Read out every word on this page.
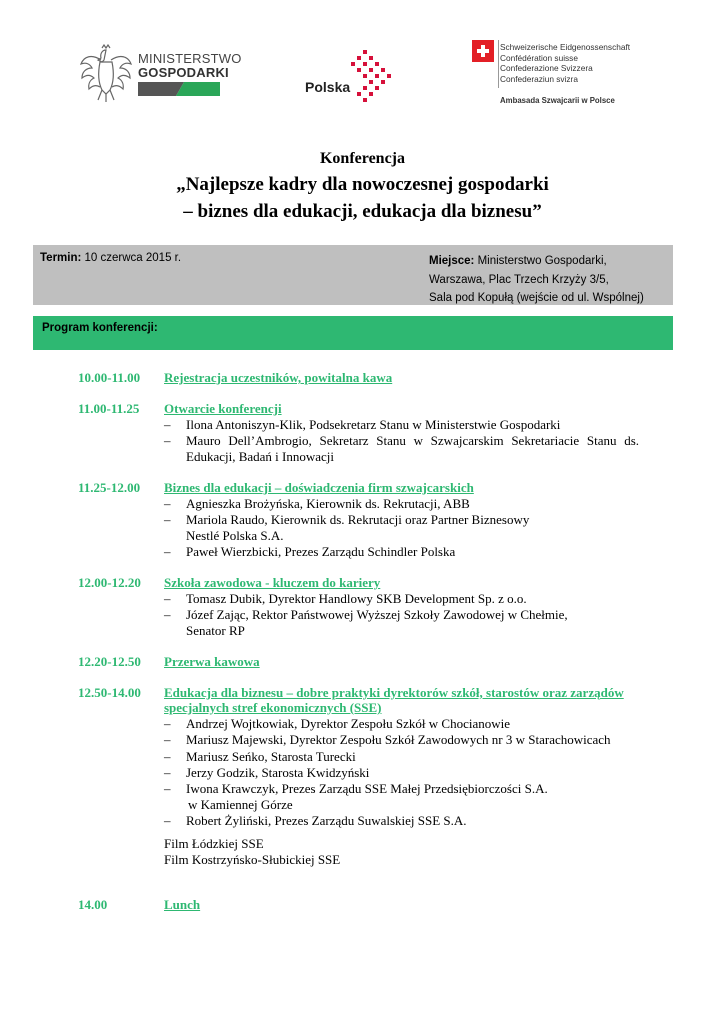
MINISTERSTWO
GOSPODARKI
Polska
Schweizerische Eidgenossenschaft
Confédération suisse
Confederazione Svizzera
Confederaziun svizra
Ambasada Szwajcarii w Polsce
Konferencja
„Najlepsze kadry dla nowoczesnej gospodarki
– biznes dla edukacji, edukacja dla biznesu”
Termin: 10 czerwca 2015 r.	Miejsce: Ministerstwo Gospodarki,
Warszawa, Plac Trzech Krzyży 3/5,
Sala pod Kopułą (wejście od ul. Wspólnej)
Program konferencji:
10.00-11.00 Rejestracja uczestników, powitalna kawa
11.00-11.25 Otwarcie konferencji
– Ilona Antoniszyn-Klik, Podsekretarz Stanu w Ministerstwie Gospodarki
– Mauro Dell’Ambrogio, Sekretarz Stanu w Szwajcarskim Sekretariacie Stanu ds. Edukacji, Badań i Innowacji
11.25-12.00 Biznes dla edukacji – doświadczenia firm szwajcarskich
– Agnieszka Brożyńska, Kierownik ds. Rekrutacji, ABB
– Mariola Raudo, Kierownik ds. Rekrutacji oraz Partner Biznesowy Nestlé Polska S.A.
– Paweł Wierzbicki, Prezes Zarządu Schindler Polska
12.00-12.20 Szkoła zawodowa - kluczem do kariery
– Tomasz Dubik, Dyrektor Handlowy SKB Development Sp. z o.o.
– Józef Zając, Rektor Państwowej Wyższej Szkoły Zawodowej w Chełmie, Senator RP
12.20-12.50 Przerwa kawowa
12.50-14.00 Edukacja dla biznesu – dobre praktyki dyrektorów szkół, starostów oraz zarządów
specjalnych stref ekonomicznych (SSE)
– Andrzej Wojtkowiak, Dyrektor Zespołu Szkół w Chocianowie
– Mariusz Majewski, Dyrektor Zespołu Szkół Zawodowych nr 3 w Starachowicach
– Mariusz Seńko, Starosta Turecki
– Jerzy Godzik, Starosta Kwidzyński
– Iwona Krawczyk, Prezes Zarządu SSE Małej Przedsiębiorczości S.A.
w Kamiennej Górze
– Robert Żyliński, Prezes Zarządu Suwalskiej SSE S.A.
Film Łódzkiej SSE
Film Kostrzyńsko-Słubickiej SSE
14.00	Lunch
